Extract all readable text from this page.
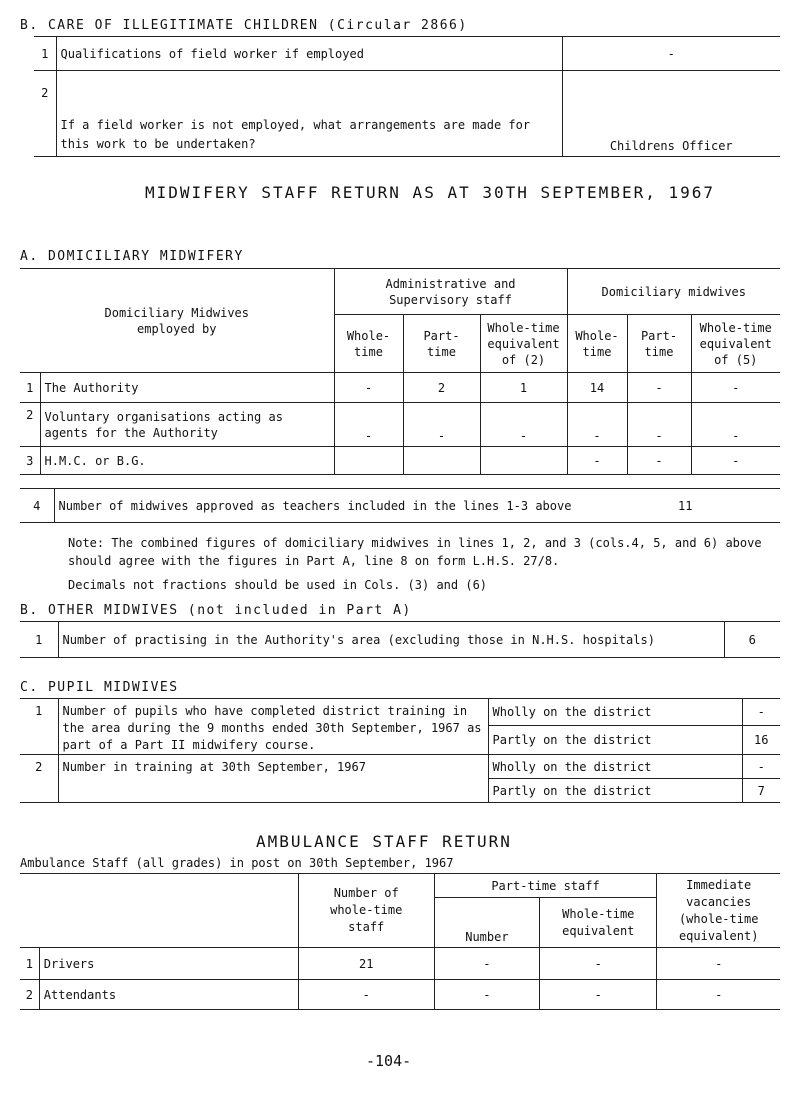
B. CARE OF ILLEGITIMATE CHILDREN (Circular 2866)
1	Qualifications of field worker if employed	-
2	If a field worker is not employed, what arrangements are made for this work to be undertaken?	Childrens Officer
MIDWIFERY STAFF RETURN AS AT 30TH SEPTEMBER, 1967
A. DOMICILIARY MIDWIFERY
Domiciliary Midwives employed by		Administrative and Supervisory staff			Domiciliary midwives		
		Whole-time	Part-time	Whole-time equivalent of (2)	Whole-time	Part-time	Whole-time equivalent of (5)
1	The Authority	-	2	1	14	-	-
2	Voluntary organisations acting as agents for the Authority	-	-	-	-	-	-
3	H.M.C. or B.G.				-	-	-
4	Number of midwives approved as teachers included in the lines 1-3 above	11
Note: The combined figures of domiciliary midwives in lines 1, 2, and 3 (cols.4, 5, and 6) above should agree with the figures in Part A, line 8 on form L.H.S. 27/8.
Decimals not fractions should be used in Cols. (3) and (6)
B. OTHER MIDWIVES (not included in Part A)
1	Number of practising in the Authority's area (excluding those in N.H.S. hospitals)	6
C. PUPIL MIDWIVES
1	Number of pupils who have completed district training in the area during the 9 months ended 30th September, 1967 as part of a Part II midwifery course.	Wholly on the district	-
		Partly on the district	16
2	Number in training at 30th September, 1967	Wholly on the district	-
		Partly on the district	7
AMBULANCE STAFF RETURN
Ambulance Staff (all grades) in post on 30th September, 1967
		Number of whole-time staff	Part-time staff		Immediate vacancies (whole-time equivalent)
			Number	Whole-time equivalent	
1	Drivers	21	-	-	-
2	Attendants	-	-	-	-
-104-
